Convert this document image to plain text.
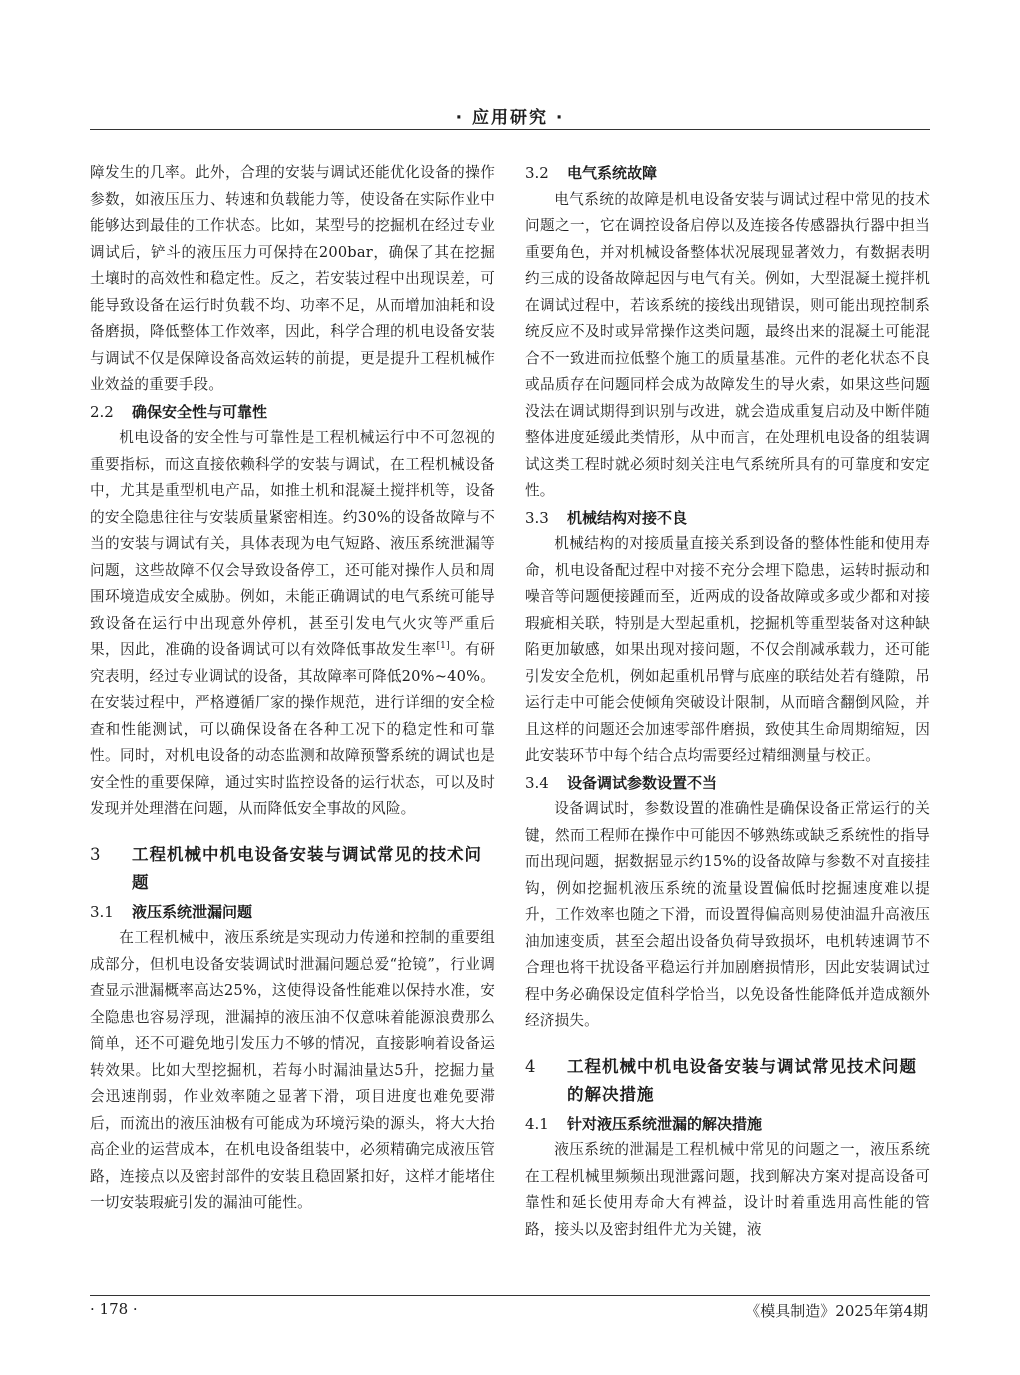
· 应用研究 ·

障发生的几率。此外，合理的安装与调试还能优化设备的操作参数，如液压压力、转速和负载能力等，使设备在实际作业中能够达到最佳的工作状态。比如，某型号的挖掘机在经过专业调试后，铲斗的液压压力可保持在200bar，确保了其在挖掘土壤时的高效性和稳定性。反之，若安装过程中出现误差，可能导致设备在运行时负载不均、功率不足，从而增加油耗和设备磨损，降低整体工作效率，因此，科学合理的机电设备安装与调试不仅是保障设备高效运转的前提，更是提升工程机械作业效益的重要手段。

2.2	确保安全性与可靠性

机电设备的安全性与可靠性是工程机械运行中不可忽视的重要指标，而这直接依赖科学的安装与调试，在工程机械设备中，尤其是重型机电产品，如推土机和混凝土搅拌机等，设备的安全隐患往往与安装质量紧密相连。约30%的设备故障与不当的安装与调试有关，具体表现为电气短路、液压系统泄漏等问题，这些故障不仅会导致设备停工，还可能对操作人员和周围环境造成安全威胁。例如，未能正确调试的电气系统可能导致设备在运行中出现意外停机，甚至引发电气火灾等严重后果，因此，准确的设备调试可以有效降低事故发生率[1]。有研究表明，经过专业调试的设备，其故障率可降低20%~40%。在安装过程中，严格遵循厂家的操作规范，进行详细的安全检查和性能测试，可以确保设备在各种工况下的稳定性和可靠性。同时，对机电设备的动态监测和故障预警系统的调试也是安全性的重要保障，通过实时监控设备的运行状态，可以及时发现并处理潜在问题，从而降低安全事故的风险。

3	工程机械中机电设备安装与调试常见的技术问题
3.1	液压系统泄漏问题

在工程机械中，液压系统是实现动力传递和控制的重要组成部分，但机电设备安装调试时泄漏问题总爱“抢镜”，行业调查显示泄漏概率高达25%，这使得设备性能难以保持水准，安全隐患也容易浮现，泄漏掉的液压油不仅意味着能源浪费那么简单，还不可避免地引发压力不够的情况，直接影响着设备运转效果。比如大型挖掘机，若每小时漏油量达5升，挖掘力量会迅速削弱，作业效率随之显著下滑，项目进度也难免要滞后，而流出的液压油极有可能成为环境污染的源头，将大大抬高企业的运营成本，在机电设备组装中，必须精确完成液压管路，连接点以及密封部件的安装且稳固紧扣好，这样才能堵住一切安装瑕疵引发的漏油可能性。

3.2	电气系统故障

电气系统的故障是机电设备安装与调试过程中常见的技术问题之一，它在调控设备启停以及连接各传感器执行器中担当重要角色，并对机械设备整体状况展现显著效力，有数据表明约三成的设备故障起因与电气有关。例如，大型混凝土搅拌机在调试过程中，若该系统的接线出现错误，则可能出现控制系统反应不及时或异常操作这类问题，最终出来的混凝土可能混合不一致进而拉低整个施工的质量基准。元件的老化状态不良或品质存在问题同样会成为故障发生的导火索，如果这些问题没法在调试期得到识别与改进，就会造成重复启动及中断伴随整体进度延缓此类情形，从中而言，在处理机电设备的组装调试这类工程时就必须时刻关注电气系统所具有的可靠度和安定性。

3.3	机械结构对接不良

机械结构的对接质量直接关系到设备的整体性能和使用寿命，机电设备配过程中对接不充分会埋下隐患，运转时振动和噪音等问题便接踵而至，近两成的设备故障或多或少都和对接瑕疵相关联，特别是大型起重机，挖掘机等重型装备对这种缺陷更加敏感，如果出现对接问题，不仅会削减承载力，还可能引发安全危机，例如起重机吊臂与底座的联结处若有缝隙，吊运行走中可能会使倾角突破设计限制，从而暗含翻倒风险，并且这样的问题还会加速零部件磨损，致使其生命周期缩短，因此安装环节中每个结合点均需要经过精细测量与校正。

3.4	设备调试参数设置不当

设备调试时，参数设置的准确性是确保设备正常运行的关键，然而工程师在操作中可能因不够熟练或缺乏系统性的指导而出现问题，据数据显示约15%的设备故障与参数不对直接挂钩，例如挖掘机液压系统的流量设置偏低时挖掘速度难以提升，工作效率也随之下滑，而设置得偏高则易使油温升高液压油加速变质，甚至会超出设备负荷导致损坏，电机转速调节不合理也将干扰设备平稳运行并加剧磨损情形，因此安装调试过程中务必确保设定值科学恰当，以免设备性能降低并造成额外经济损失。

4	工程机械中机电设备安装与调试常见技术问题的解决措施
4.1	针对液压系统泄漏的解决措施

液压系统的泄漏是工程机械中常见的问题之一，液压系统在工程机械里频频出现泄露问题，找到解决方案对提高设备可靠性和延长使用寿命大有裨益，设计时着重选用高性能的管路，接头以及密封组件尤为关键，液

· 178 ·	《模具制造》2025年第4期
